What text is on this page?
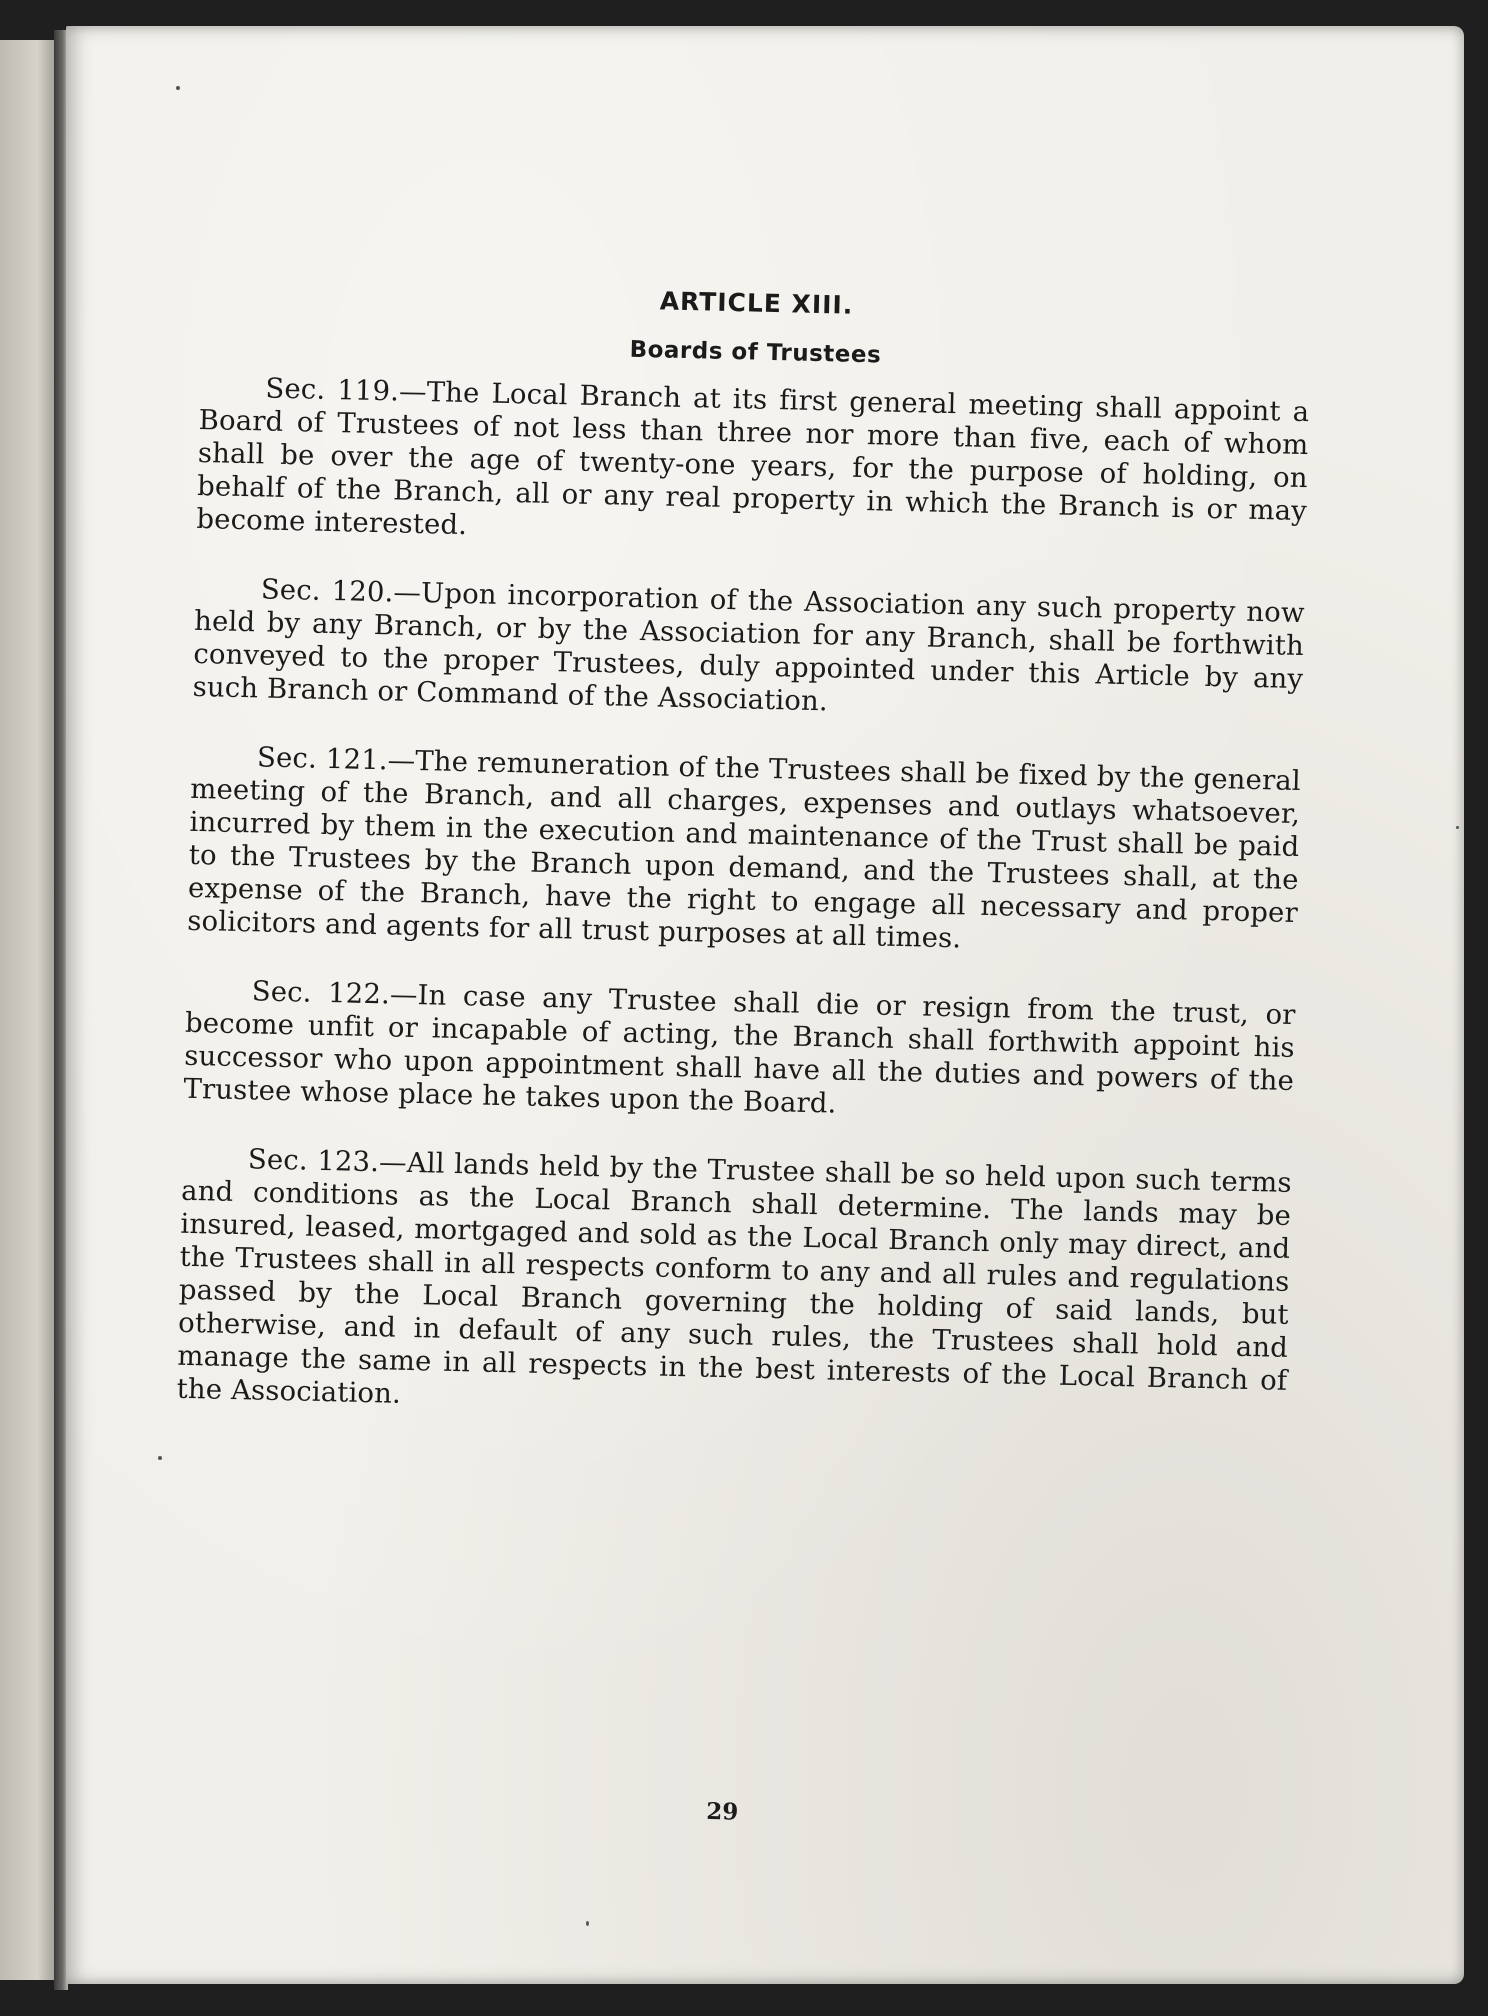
ARTICLE XIII.
Boards of Trustees

Sec. 119.—The Local Branch at its first general meeting shall appoint a Board of Trustees of not less than three nor more than five, each of whom shall be over the age of twenty-one years, for the purpose of holding, on behalf of the Branch, all or any real property in which the Branch is or may become interested.

Sec. 120.—Upon incorporation of the Association any such property now held by any Branch, or by the Association for any Branch, shall be forthwith conveyed to the proper Trustees, duly appointed under this Article by any such Branch or Command of the Association.

Sec. 121.—The remuneration of the Trustees shall be fixed by the general meeting of the Branch, and all charges, expenses and outlays whatsoever, incurred by them in the execution and maintenance of the Trust shall be paid to the Trustees by the Branch upon demand, and the Trustees shall, at the expense of the Branch, have the right to engage all necessary and proper solicitors and agents for all trust purposes at all times.

Sec. 122.—In case any Trustee shall die or resign from the trust, or become unfit or incapable of acting, the Branch shall forthwith appoint his successor who upon appointment shall have all the duties and powers of the Trustee whose place he takes upon the Board.

Sec. 123.—All lands held by the Trustee shall be so held upon such terms and conditions as the Local Branch shall determine. The lands may be insured, leased, mortgaged and sold as the Local Branch only may direct, and the Trustees shall in all respects conform to any and all rules and regulations passed by the Local Branch governing the holding of said lands, but otherwise, and in default of any such rules, the Trustees shall hold and manage the same in all respects in the best interests of the Local Branch of the Association.

29
